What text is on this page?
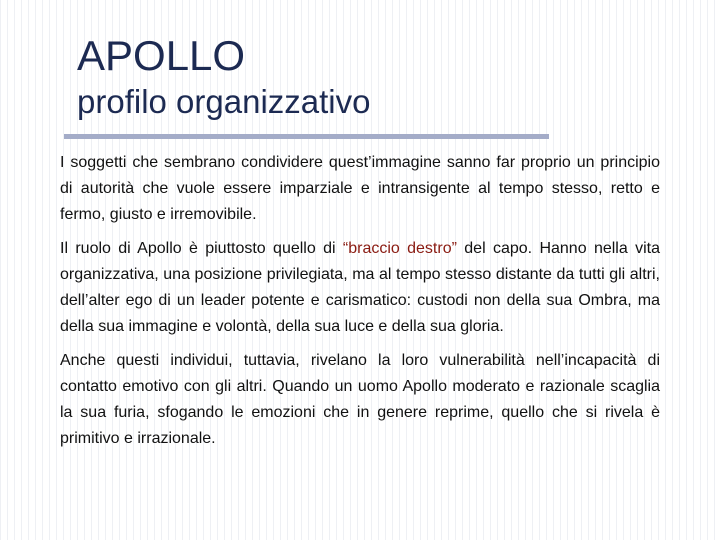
APOLLO
profilo organizzativo

I soggetti che sembrano condividere quest’immagine sanno far proprio un principio di autorità che vuole essere imparziale e intransigente al tempo stesso, retto e fermo, giusto e irremovibile.

Il ruolo di Apollo è piuttosto quello di “braccio destro” del capo. Hanno nella vita organizzativa, una posizione privilegiata, ma al tempo stesso distante da tutti gli altri, dell’alter ego di un leader potente e carismatico: custodi non della sua Ombra, ma della sua immagine e volontà, della sua luce e della sua gloria.

Anche questi individui, tuttavia, rivelano la loro vulnerabilità nell’incapacità di contatto emotivo con gli altri. Quando un uomo Apollo moderato e razionale scaglia la sua furia, sfogando le emozioni che in genere reprime, quello che si rivela è primitivo e irrazionale.
